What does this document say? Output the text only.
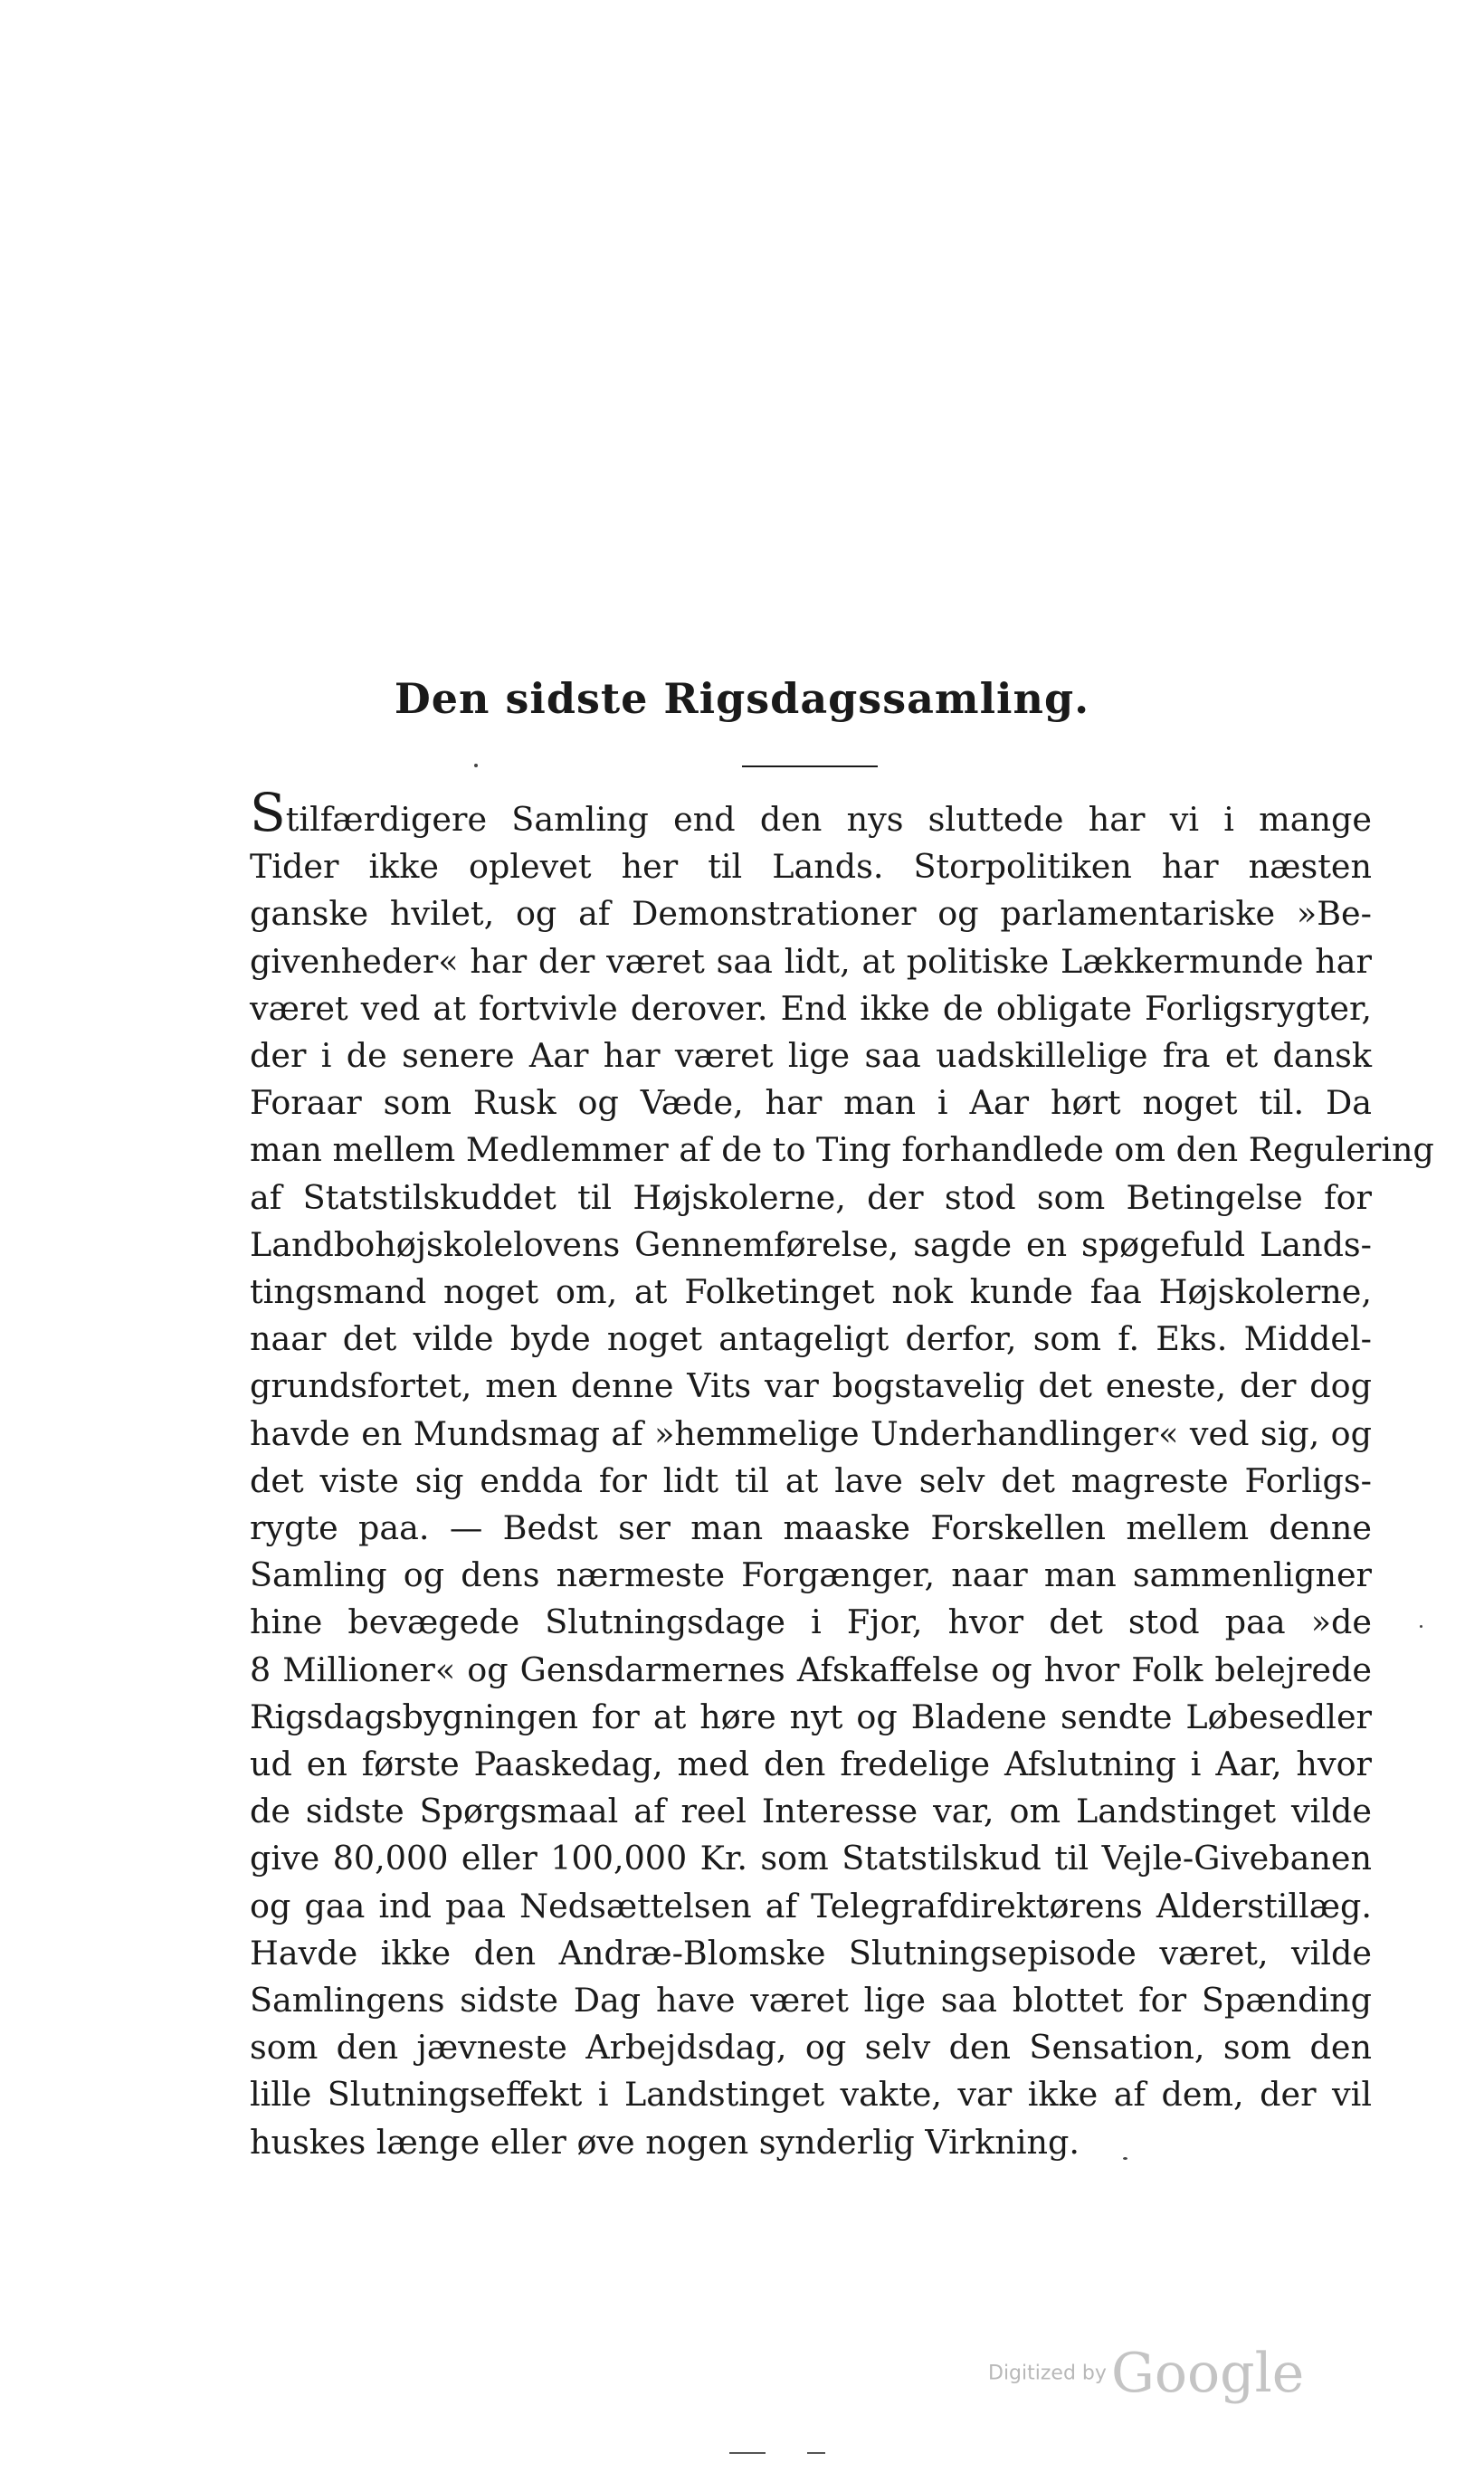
Den sidste Rigsdagssamling.
Stilfærdigere Samling end den nys sluttede har vi i mange
Tider ikke oplevet her til Lands. Storpolitiken har næsten
ganske hvilet, og af Demonstrationer og parlamentariske »Be-
givenheder« har der været saa lidt, at politiske Lækkermunde har
været ved at fortvivle derover. End ikke de obligate Forligsrygter,
der i de senere Aar har været lige saa uadskillelige fra et dansk
Foraar som Rusk og Væde, har man i Aar hørt noget til. Da
man mellem Medlemmer af de to Ting forhandlede om den Regulering
af Statstilskuddet til Højskolerne, der stod som Betingelse for
Landbohøjskolelovens Gennemførelse, sagde en spøgefuld Lands-
tingsmand noget om, at Folketinget nok kunde faa Højskolerne,
naar det vilde byde noget antageligt derfor, som f. Eks. Middel-
grundsfortet, men denne Vits var bogstavelig det eneste, der dog
havde en Mundsmag af »hemmelige Underhandlinger« ved sig, og
det viste sig endda for lidt til at lave selv det magreste Forligs-
rygte paa. — Bedst ser man maaske Forskellen mellem denne
Samling og dens nærmeste Forgænger, naar man sammenligner
hine bevægede Slutningsdage i Fjor, hvor det stod paa »de
8 Millioner« og Gensdarmernes Afskaffelse og hvor Folk belejrede
Rigsdagsbygningen for at høre nyt og Bladene sendte Løbesedler
ud en første Paaskedag, med den fredelige Afslutning i Aar, hvor
de sidste Spørgsmaal af reel Interesse var, om Landstinget vilde
give 80,000 eller 100,000 Kr. som Statstilskud til Vejle-Givebanen
og gaa ind paa Nedsættelsen af Telegrafdirektørens Alderstillæg.
Havde ikke den Andræ-Blomske Slutningsepisode været, vilde
Samlingens sidste Dag have været lige saa blottet for Spænding
som den jævneste Arbejdsdag, og selv den Sensation, som den
lille Slutningseffekt i Landstinget vakte, var ikke af dem, der vil
huskes længe eller øve nogen synderlig Virkning.
Digitized by Google
